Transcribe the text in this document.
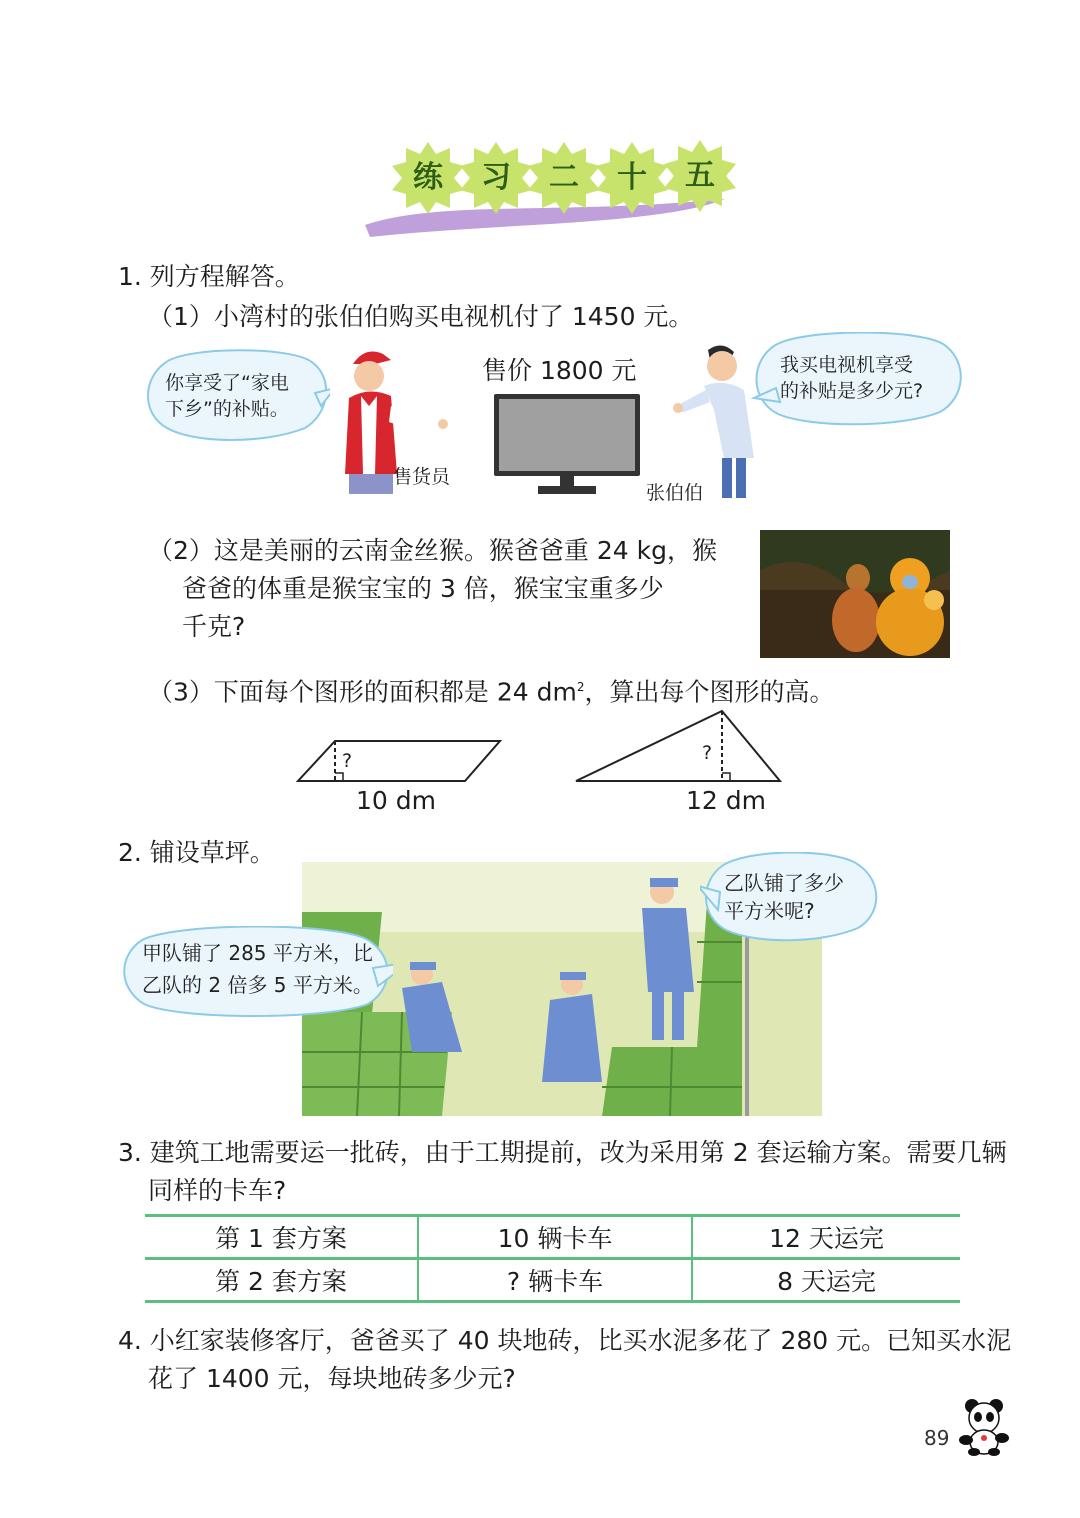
练	习	二	十	五
1. 列方程解答。
（1）小湾村的张伯伯购买电视机付了 1450 元。
你享受了“家电
下乡”的补贴。
售货员
售价 1800 元
张伯伯
我买电视机享受
的补贴是多少元?
（2）这是美丽的云南金丝猴。猴爸爸重 24 kg，猴
爸爸的体重是猴宝宝的 3 倍，猴宝宝重多少
千克?
（3）下面每个图形的面积都是 24 $dm^2$，算出每个图形的高。
?
10 dm
?
12 dm
2. 铺设草坪。
甲队铺了 285 平方米，比
乙队的 2 倍多 5 平方米。
乙队铺了多少
平方米呢?
3. 建筑工地需要运一批砖，由于工期提前，改为采用第 2 套运输方案。需要几辆
同样的卡车?
第 1 套方案	10 辆卡车	12 天运完
第 2 套方案	? 辆卡车	8 天运完
4. 小红家装修客厅，爸爸买了 40 块地砖，比买水泥多花了 280 元。已知买水泥
花了 1400 元，每块地砖多少元?
89
